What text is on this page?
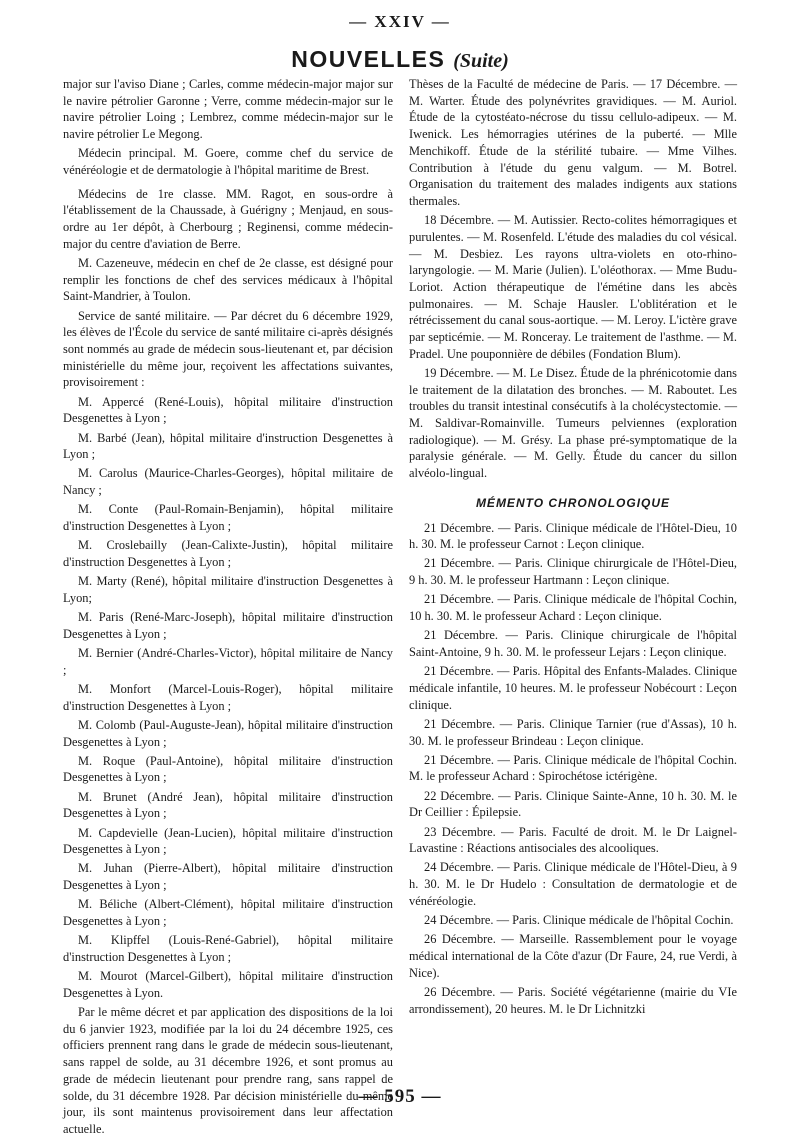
— XXIV —
NOUVELLES (Suite)

major sur l'aviso Diane ; Carles, comme médecin-major major sur le navire pétrolier Garonne ; Verre, comme médecin-major sur le navire pétrolier Loing ; Lembrez, comme médecin-major sur le navire pétrolier Le Megong.

Médecin principal. M. Goere, comme chef du service de vénéréologie et de dermatologie à l'hôpital maritime de Brest.

Médecins de 1re classe. MM. Ragot, en sous-ordre à l'établissement de la Chaussade, à Guérigny ; Menjaud, en sous-ordre au 1er dépôt, à Cherbourg ; Reginensi, comme médecin-major du centre d'aviation de Berre.

M. Cazeneuve, médecin en chef de 2e classe, est désigné pour remplir les fonctions de chef des services médicaux à l'hôpital Saint-Mandrier, à Toulon.

Service de santé militaire. — Par décret du 6 décembre 1929, les élèves de l'École du service de santé militaire ci-après désignés sont nommés au grade de médecin sous-lieutenant et, par décision ministérielle du même jour, reçoivent les affectations suivantes, provisoirement :

M. Appercé (René-Louis), hôpital militaire d'instruction Desgenettes à Lyon ;

M. Barbé (Jean), hôpital militaire d'instruction Desgenettes à Lyon ;

M. Carolus (Maurice-Charles-Georges), hôpital militaire de Nancy ;

M. Conte (Paul-Romain-Benjamin), hôpital militaire d'instruction Desgenettes à Lyon ;

M. Croslebailly (Jean-Calixte-Justin), hôpital militaire d'instruction Desgenettes à Lyon ;

M. Marty (René), hôpital militaire d'instruction Desgenettes à Lyon;

M. Paris (René-Marc-Joseph), hôpital militaire d'instruction Desgenettes à Lyon ;

M. Bernier (André-Charles-Victor), hôpital militaire de Nancy ;

M. Monfort (Marcel-Louis-Roger), hôpital militaire d'instruction Desgenettes à Lyon ;

M. Colomb (Paul-Auguste-Jean), hôpital militaire d'instruction Desgenettes à Lyon ;

M. Roque (Paul-Antoine), hôpital militaire d'instruction Desgenettes à Lyon ;

M. Brunet (André Jean), hôpital militaire d'instruction Desgenettes à Lyon ;

M. Capdevielle (Jean-Lucien), hôpital militaire d'instruction Desgenettes à Lyon ;

M. Juhan (Pierre-Albert), hôpital militaire d'instruction Desgenettes à Lyon ;

M. Béliche (Albert-Clément), hôpital militaire d'instruction Desgenettes à Lyon ;

M. Klipffel (Louis-René-Gabriel), hôpital militaire d'instruction Desgenettes à Lyon ;

M. Mourot (Marcel-Gilbert), hôpital militaire d'instruction Desgenettes à Lyon.

Par le même décret et par application des dispositions de la loi du 6 janvier 1923, modifiée par la loi du 24 décembre 1925, ces officiers prennent rang dans le grade de médecin sous-lieutenant, sans rappel de solde, au 31 décembre 1926, et sont promus au grade de médecin lieutenant pour prendre rang, sans rappel de solde, du 31 décembre 1928. Par décision ministérielle du même jour, ils sont maintenus provisoirement dans leur affectation actuelle.

Thèses de la Faculté de médecine de Paris. — 17 Décembre. — M. Warter. Étude des polynévrites gravidiques. — M. Auriol. Étude de la cytostéato-nécrose du tissu cellulo-adipeux. — M. Iwenick. Les hémorragies utérines de la puberté. — Mlle Menchikoff. Étude de la stérilité tubaire. — Mme Vilhes. Contribution à l'étude du genu valgum. — M. Botrel. Organisation du traitement des malades indigents aux stations thermales.

18 Décembre. — M. Autissier. Recto-colites hémorragiques et purulentes. — M. Rosenfeld. L'étude des maladies du col vésical. — M. Desbiez. Les rayons ultra-violets en oto-rhino-laryngologie. — M. Marie (Julien). L'oléothorax. — Mme Budu-Loriot. Action thérapeutique de l'émétine dans les abcès pulmonaires. — M. Schaje Hausler. L'oblitération et le rétrécissement du canal sous-aortique. — M. Leroy. L'ictère grave par septicémie. — M. Ronceray. Le traitement de l'asthme. — M. Pradel. Une pouponnière de débiles (Fondation Blum).

19 Décembre. — M. Le Disez. Étude de la phrénicotomie dans le traitement de la dilatation des bronches. — M. Raboutet. Les troubles du transit intestinal consécutifs à la cholécystectomie. — M. Saldivar-Romainville. Tumeurs pelviennes (exploration radiologique). — M. Grésy. La phase pré-symptomatique de la paralysie générale. — M. Gelly. Étude du cancer du sillon alvéolo-lingual.

MÉMENTO CHRONOLOGIQUE

21 Décembre. — Paris. Clinique médicale de l'Hôtel-Dieu, 10 h. 30. M. le professeur Carnot : Leçon clinique.

21 Décembre. — Paris. Clinique chirurgicale de l'Hôtel-Dieu, 9 h. 30. M. le professeur Hartmann : Leçon clinique.

21 Décembre. — Paris. Clinique médicale de l'hôpital Cochin, 10 h. 30. M. le professeur Achard : Leçon clinique.

21 Décembre. — Paris. Clinique chirurgicale de l'hôpital Saint-Antoine, 9 h. 30. M. le professeur Lejars : Leçon clinique.

21 Décembre. — Paris. Hôpital des Enfants-Malades. Clinique médicale infantile, 10 heures. M. le professeur Nobécourt : Leçon clinique.

21 Décembre. — Paris. Clinique Tarnier (rue d'Assas), 10 h. 30. M. le professeur Brindeau : Leçon clinique.

21 Décembre. — Paris. Clinique médicale de l'hôpital Cochin. M. le professeur Achard : Spirochétose ictérigène.

22 Décembre. — Paris. Clinique Sainte-Anne, 10 h. 30. M. le Dr Ceillier : Épilepsie.

23 Décembre. — Paris. Faculté de droit. M. le Dr Laignel-Lavastine : Réactions antisociales des alcooliques.

24 Décembre. — Paris. Clinique médicale de l'Hôtel-Dieu, à 9 h. 30. M. le Dr Hudelo : Consultation de dermatologie et de vénéréologie.

24 Décembre. — Paris. Clinique médicale de l'hôpital Cochin.

26 Décembre. — Marseille. Rassemblement pour le voyage médical international de la Côte d'azur (Dr Faure, 24, rue Verdi, à Nice).

26 Décembre. — Paris. Société végétarienne (mairie du VIe arrondissement), 20 heures. M. le Dr Lichnitzki

— 595 —
